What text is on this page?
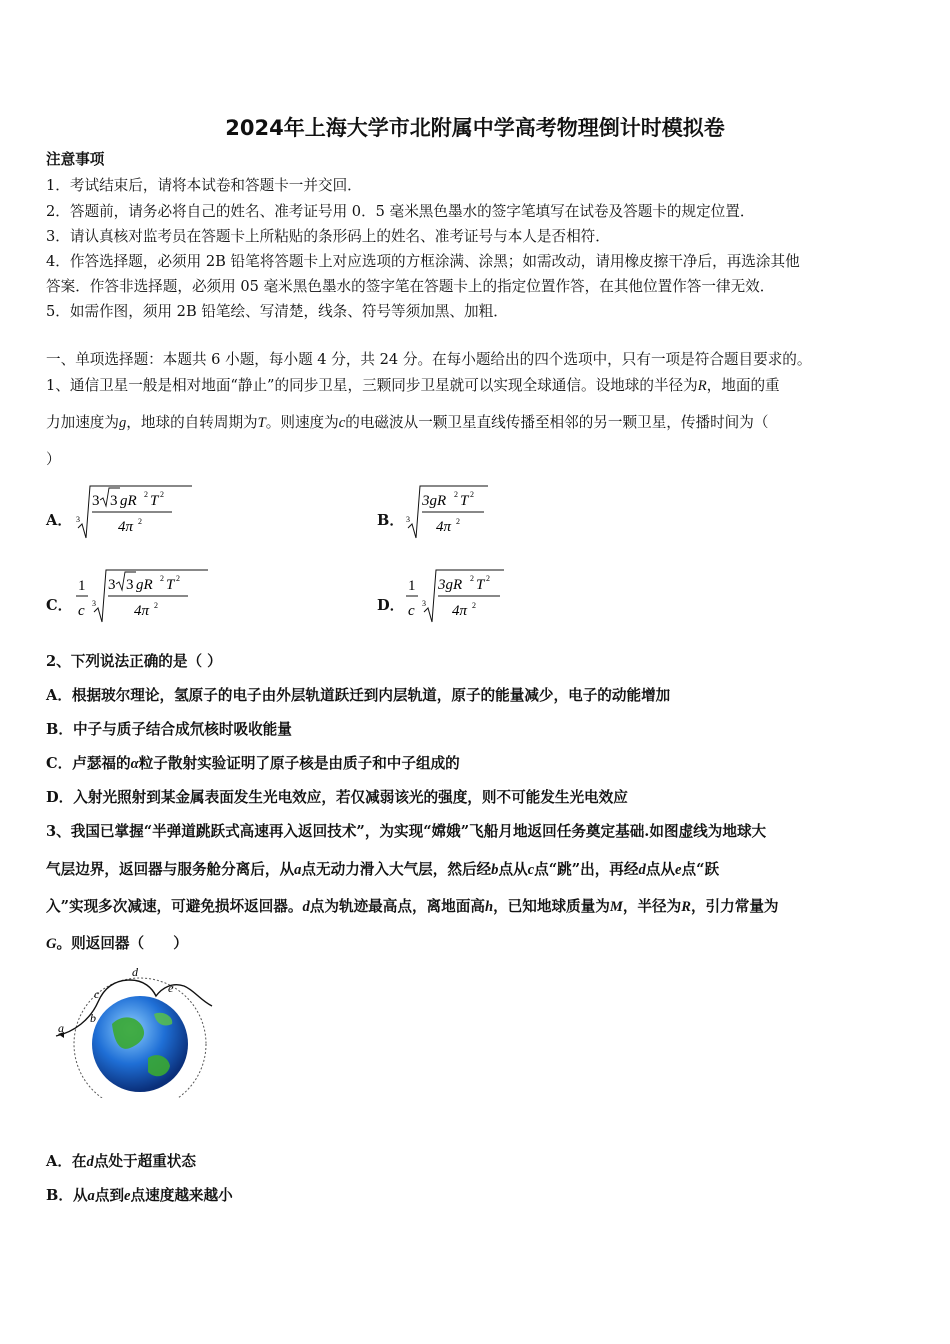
2024年上海大学市北附属中学高考物理倒计时模拟卷
注意事项
1．考试结束后，请将本试卷和答题卡一并交回．
2．答题前，请务必将自己的姓名、准考证号用 0．5 毫米黑色墨水的签字笔填写在试卷及答题卡的规定位置．
3．请认真核对监考员在答题卡上所粘贴的条形码上的姓名、准考证号与本人是否相符．
4．作答选择题，必须用 2B 铅笔将答题卡上对应选项的方框涂满、涂黑；如需改动，请用橡皮擦干净后，再选涂其他
答案．作答非选择题，必须用 05 毫米黑色墨水的签字笔在答题卡上的指定位置作答，在其他位置作答一律无效．
5．如需作图，须用 2B 铅笔绘、写清楚，线条、符号等须加黑、加粗．
一、单项选择题：本题共 6 小题，每小题 4 分，共 24 分。在每小题给出的四个选项中，只有一项是符合题目要求的。
1、通信卫星一般是相对地面“静止”的同步卫星，三颗同步卫星就可以实现全球通信。设地球的半径为R，地面的重
力加速度为g，地球的自转周期为T。则速度为c的电磁波从一颗卫星直线传播至相邻的另一颗卫星，传播时间为（
）
A． 3
3 3 gR 2 T 2
4π 2	B． 3
3gR 2 T 2
4π 2
C．
1
c 3
3 3 gR 2 T 2
4π 2	D．
1
c 3
3gR 2 T 2
4π 2
2、下列说法正确的是（ ）
A．根据玻尔理论，氢原子的电子由外层轨道跃迁到内层轨道，原子的能量减少，电子的动能增加
B．中子与质子结合成氘核时吸收能量
C．卢瑟福的α粒子散射实验证明了原子核是由质子和中子组成的
D．入射光照射到某金属表面发生光电效应，若仅减弱该光的强度，则不可能发生光电效应
3、我国已掌握“半弹道跳跃式高速再入返回技术”，为实现“嫦娥”飞船月地返回任务奠定基础.如图虚线为地球大
气层边界，返回器与服务舱分离后，从a点无动力滑入大气层，然后经b点从c点“跳”出，再经d点从e点“跃
入”实现多次减速，可避免损坏返回器。d点为轨迹最高点，离地面高h，已知地球质量为M，半径为R，引力常量为
G。则返回器（　　）
a
b
c
d
e
A．在d点处于超重状态
B．从a点到e点速度越来越小
